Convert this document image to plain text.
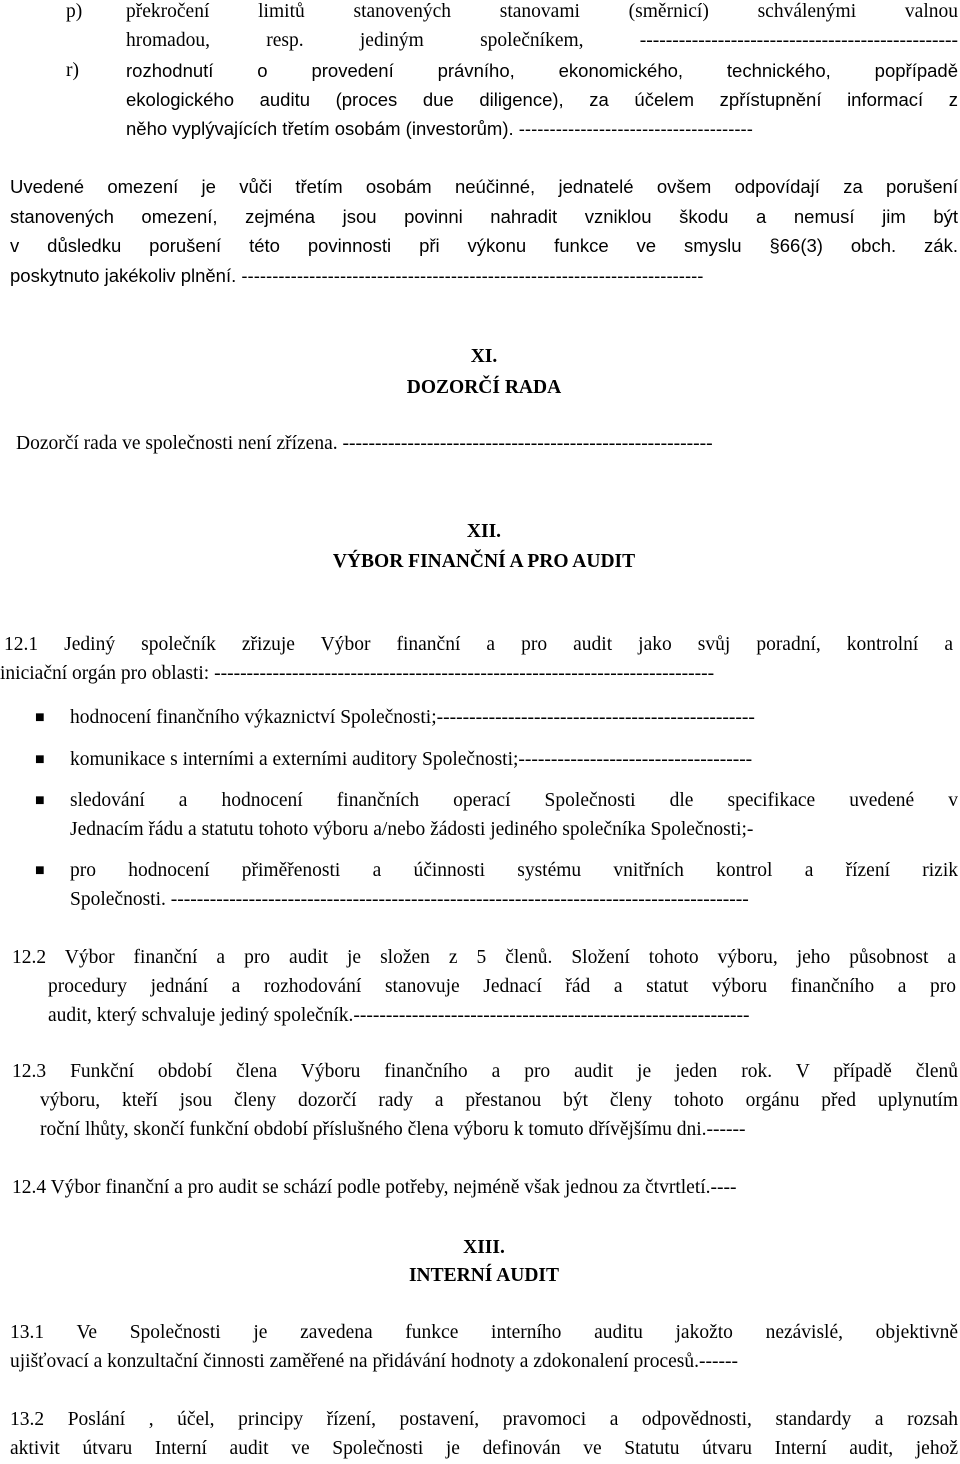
p)	překročení limitů stanovených stanovami (směrnicí) schválenými valnou

hromadou, resp. jediným společníkem, -------------------------------------------------

r)	rozhodnutí o provedení právního, ekonomického, technického, popřípadě

ekologického auditu (proces due diligence), za účelem zpřístupnění informací z

něho vyplývajících třetím osobám (investorům). --------------------------------------

Uvedené omezení je vůči třetím osobám neúčinné, jednatelé ovšem odpovídají za porušení

stanovených omezení, zejména jsou povinni nahradit vzniklou škodu a nemusí jim být

v důsledku porušení této povinnosti při výkonu funkce ve smyslu §66(3) obch. zák.

poskytnuto jakékoliv plnění. ---------------------------------------------------------------------------

XI.
DOZORČÍ RADA
Dozorčí rada ve společnosti není zřízena. ---------------------------------------------------------
XII.
VÝBOR FINANČNÍ A PRO AUDIT

12.1 Jediný společník zřizuje Výbor finanční a pro audit jako svůj poradní, kontrolní a

iniciační orgán pro oblasti: -----------------------------------------------------------------------------

■ hodnocení finančního výkaznictví Společnosti;-------------------------------------------------

■ komunikace s interními a externími auditory Společnosti;------------------------------------

■ sledování a hodnocení finančních operací Společnosti dle specifikace uvedené v

Jednacím řádu a statutu tohoto výboru a/nebo žádosti jediného společníka Společnosti;-

■ pro hodnocení přiměřenosti a účinnosti systému vnitřních kontrol a řízení rizik

Společnosti. -----------------------------------------------------------------------------------------

12.2 Výbor finanční a pro audit je složen z 5 členů. Složení tohoto výboru, jeho působnost a

procedury jednání a rozhodování stanovuje Jednací řád a statut výboru finančního a pro

audit, který schvaluje jediný společník.-------------------------------------------------------------

12.3 Funkční období člena Výboru finančního a pro audit je jeden rok. V případě členů

výboru, kteří jsou členy dozorčí rady a přestanou být členy tohoto orgánu před uplynutím

roční lhůty, skončí funkční období příslušného člena výboru k tomuto dřívějšímu dni.------

12.4 Výbor finanční a pro audit se schází podle potřeby, nejméně však jednou za čtvrtletí.----
XIII.
INTERNÍ AUDIT

13.1 Ve Společnosti je zavedena funkce interního auditu jakožto nezávislé, objektivně

ujišťovací a konzultační činnosti zaměřené na přidávání hodnoty a zdokonalení procesů.------

13.2 Poslání , účel, principy řízení, postavení, pravomoci a odpovědnosti, standardy a rozsah

aktivit útvaru Interní audit ve Společnosti je definován ve Statutu útvaru Interní audit, jehož
